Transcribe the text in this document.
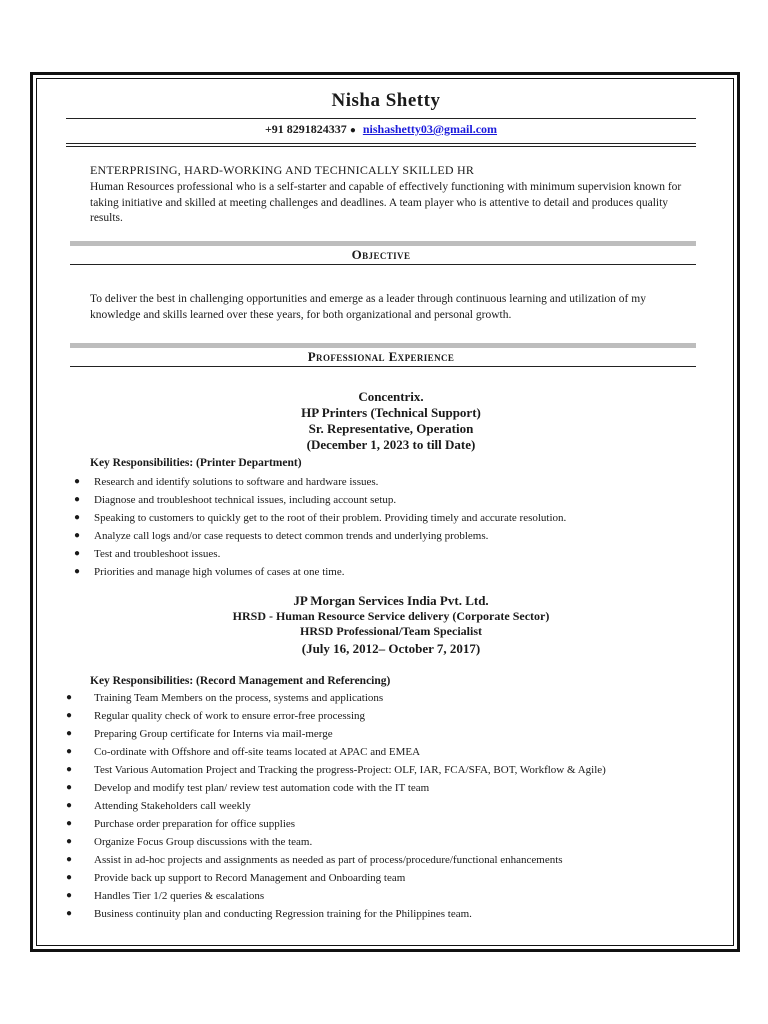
Nisha Shetty
+91 8291824337 ● nishashetty03@gmail.com
ENTERPRISING, HARD-WORKING AND TECHNICALLY SKILLED HR
Human Resources professional who is a self-starter and capable of effectively functioning with minimum supervision known for taking initiative and skilled at meeting challenges and deadlines. A team player who is attentive to detail and produces quality results.
Objective
To deliver the best in challenging opportunities and emerge as a leader through continuous learning and utilization of my knowledge and skills learned over these years, for both organizational and personal growth.
Professional Experience
Concentrix.
HP Printers (Technical Support)
Sr. Representative, Operation
(December 1, 2023 to till Date)
Key Responsibilities: (Printer Department)
● Research and identify solutions to software and hardware issues.
● Diagnose and troubleshoot technical issues, including account setup.
● Speaking to customers to quickly get to the root of their problem. Providing timely and accurate resolution.
● Analyze call logs and/or case requests to detect common trends and underlying problems.
● Test and troubleshoot issues.
● Priorities and manage high volumes of cases at one time.
JP Morgan Services India Pvt. Ltd.
HRSD - Human Resource Service delivery (Corporate Sector)
HRSD Professional/Team Specialist
(July 16, 2012– October 7, 2017)
Key Responsibilities: (Record Management and Referencing)
● Training Team Members on the process, systems and applications
● Regular quality check of work to ensure error-free processing
● Preparing Group certificate for Interns via mail-merge
● Co-ordinate with Offshore and off-site teams located at APAC and EMEA
● Test Various Automation Project and Tracking the progress-Project: OLF, IAR, FCA/SFA, BOT, Workflow & Agile)
● Develop and modify test plan/ review test automation code with the IT team
● Attending Stakeholders call weekly
● Purchase order preparation for office supplies
● Organize Focus Group discussions with the team.
● Assist in ad-hoc projects and assignments as needed as part of process/procedure/functional enhancements
● Provide back up support to Record Management and Onboarding team
● Handles Tier 1/2 queries & escalations
● Business continuity plan and conducting Regression training for the Philippines team.
